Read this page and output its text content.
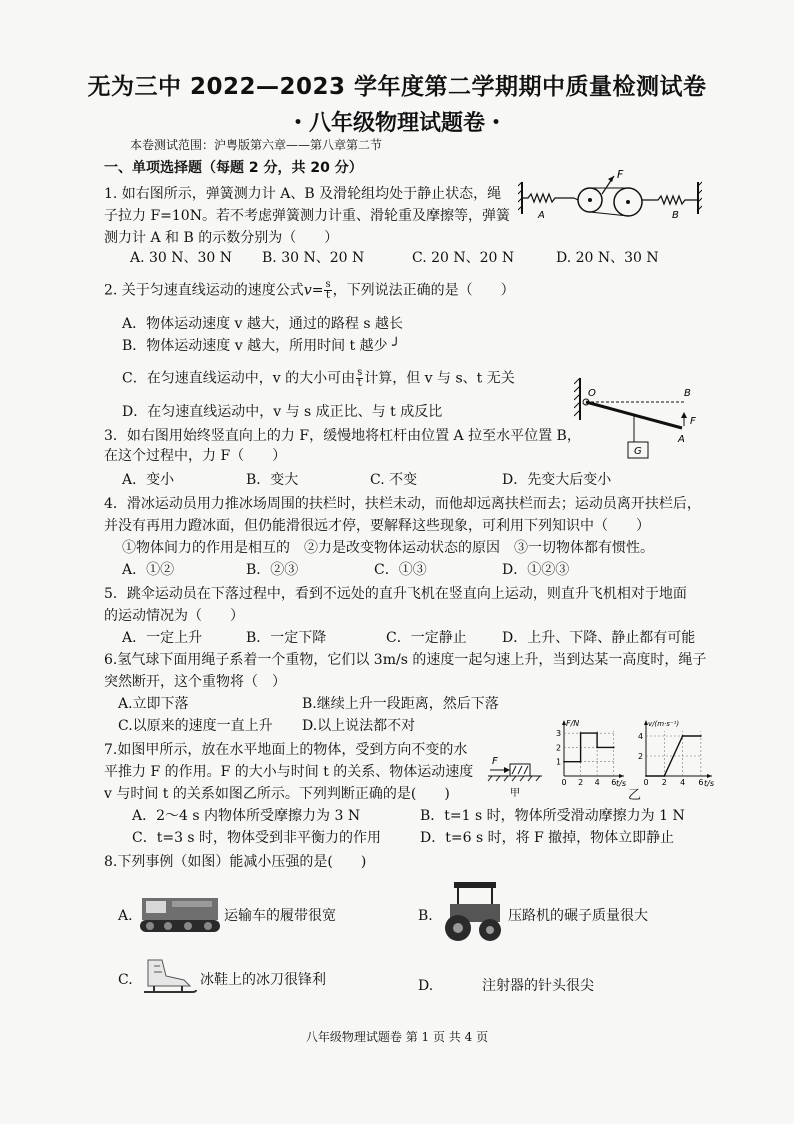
无为三中 2022—2023 学年度第二学期期中质量检测试卷
・八年级物理试题卷・
本卷测试范围：沪粤版第六章——第八章第二节
一、单项选择题（每题 2 分，共 20 分）
1. 如右图所示，弹簧测力计 A、B 及滑轮组均处于静止状态，绳
子拉力 F=10N。若不考虑弹簧测力计重、滑轮重及摩擦等，弹簧
测力计 A 和 B 的示数分别为（　　）
A. 30 N、30 N B. 30 N、20 N	C. 20 N、20 N	D. 20 N、30 N
F
A	B
2. 关于匀速直线运动的速度公式$v= \frac{s}{t}$ ，下列说法正确的是（　　）
A．物体运动速度 v 越大，通过的路程 s 越长
B．物体运动速度 v 越大，所用时间 t 越少 ╯
C．在匀速直线运动中，v 的大小可由 $\frac{s}{t}$ 计算，但 v 与 s、t 无关
D．在匀速直线运动中，v 与 s 成正比、与 t 成反比
O	B
F
A
G
3．如右图用始终竖直向上的力 F，缓慢地将杠杆由位置 A 拉至水平位置 B，
在这个过程中，力 F（　　）
A．变小	B．变大	C. 不变	D．先变大后变小
4．滑冰运动员用力推冰场周围的扶栏时，扶栏未动，而他却远离扶栏而去；运动员离开扶栏后，
并没有再用力蹬冰面，但仍能滑很远才停，要解释这些现象，可利用下列知识中（　　）
①物体间力的作用是相互的　②力是改变物体运动状态的原因　③一切物体都有惯性。
A．①②	B．②③	C．①③	D．①②③
5．跳伞运动员在下落过程中，看到不远处的直升飞机在竖直向上运动，则直升飞机相对于地面
的运动情况为（　　）
A．一定上升	B．一定下降	C．一定静止	D．上升、下降、静止都有可能
6.氢气球下面用绳子系着一个重物，它们以 3m/s 的速度一起匀速上升，当到达某一高度时，绳子
突然断开，这个重物将（　）
A.立即下落	B.继续上升一段距离，然后下落
C.以原来的速度一直上升 D.以上说法都不对
7.如图甲所示，放在水平地面上的物体，受到方向不变的水
平推力 F 的作用。F 的大小与时间 t 的关系、物体运动速度
v 与时间 t 的关系如图乙所示。下列判断正确的是(　　)
A．2～4 s 内物体所受摩擦力为 3 N	B．t=1 s 时，物体所受滑动摩擦力为 1 N
C．t=3 s 时，物体受到非平衡力的作用	D．t=6 s 时，将 F 撤掉，物体立即静止
F
甲
F/N
t/s
0 2 4 6
1
2
3
v/(m·s⁻¹)
t/s
0 2 4 6
2
4
乙
8.下列事例（如图）能减小压强的是(　　)
A.	运输车的履带很宽	B.	压路机的碾子质量很大
C.	冰鞋上的冰刀很锋利	D.	注射器的针头很尖
八年级物理试题卷 第 1 页 共 4 页
